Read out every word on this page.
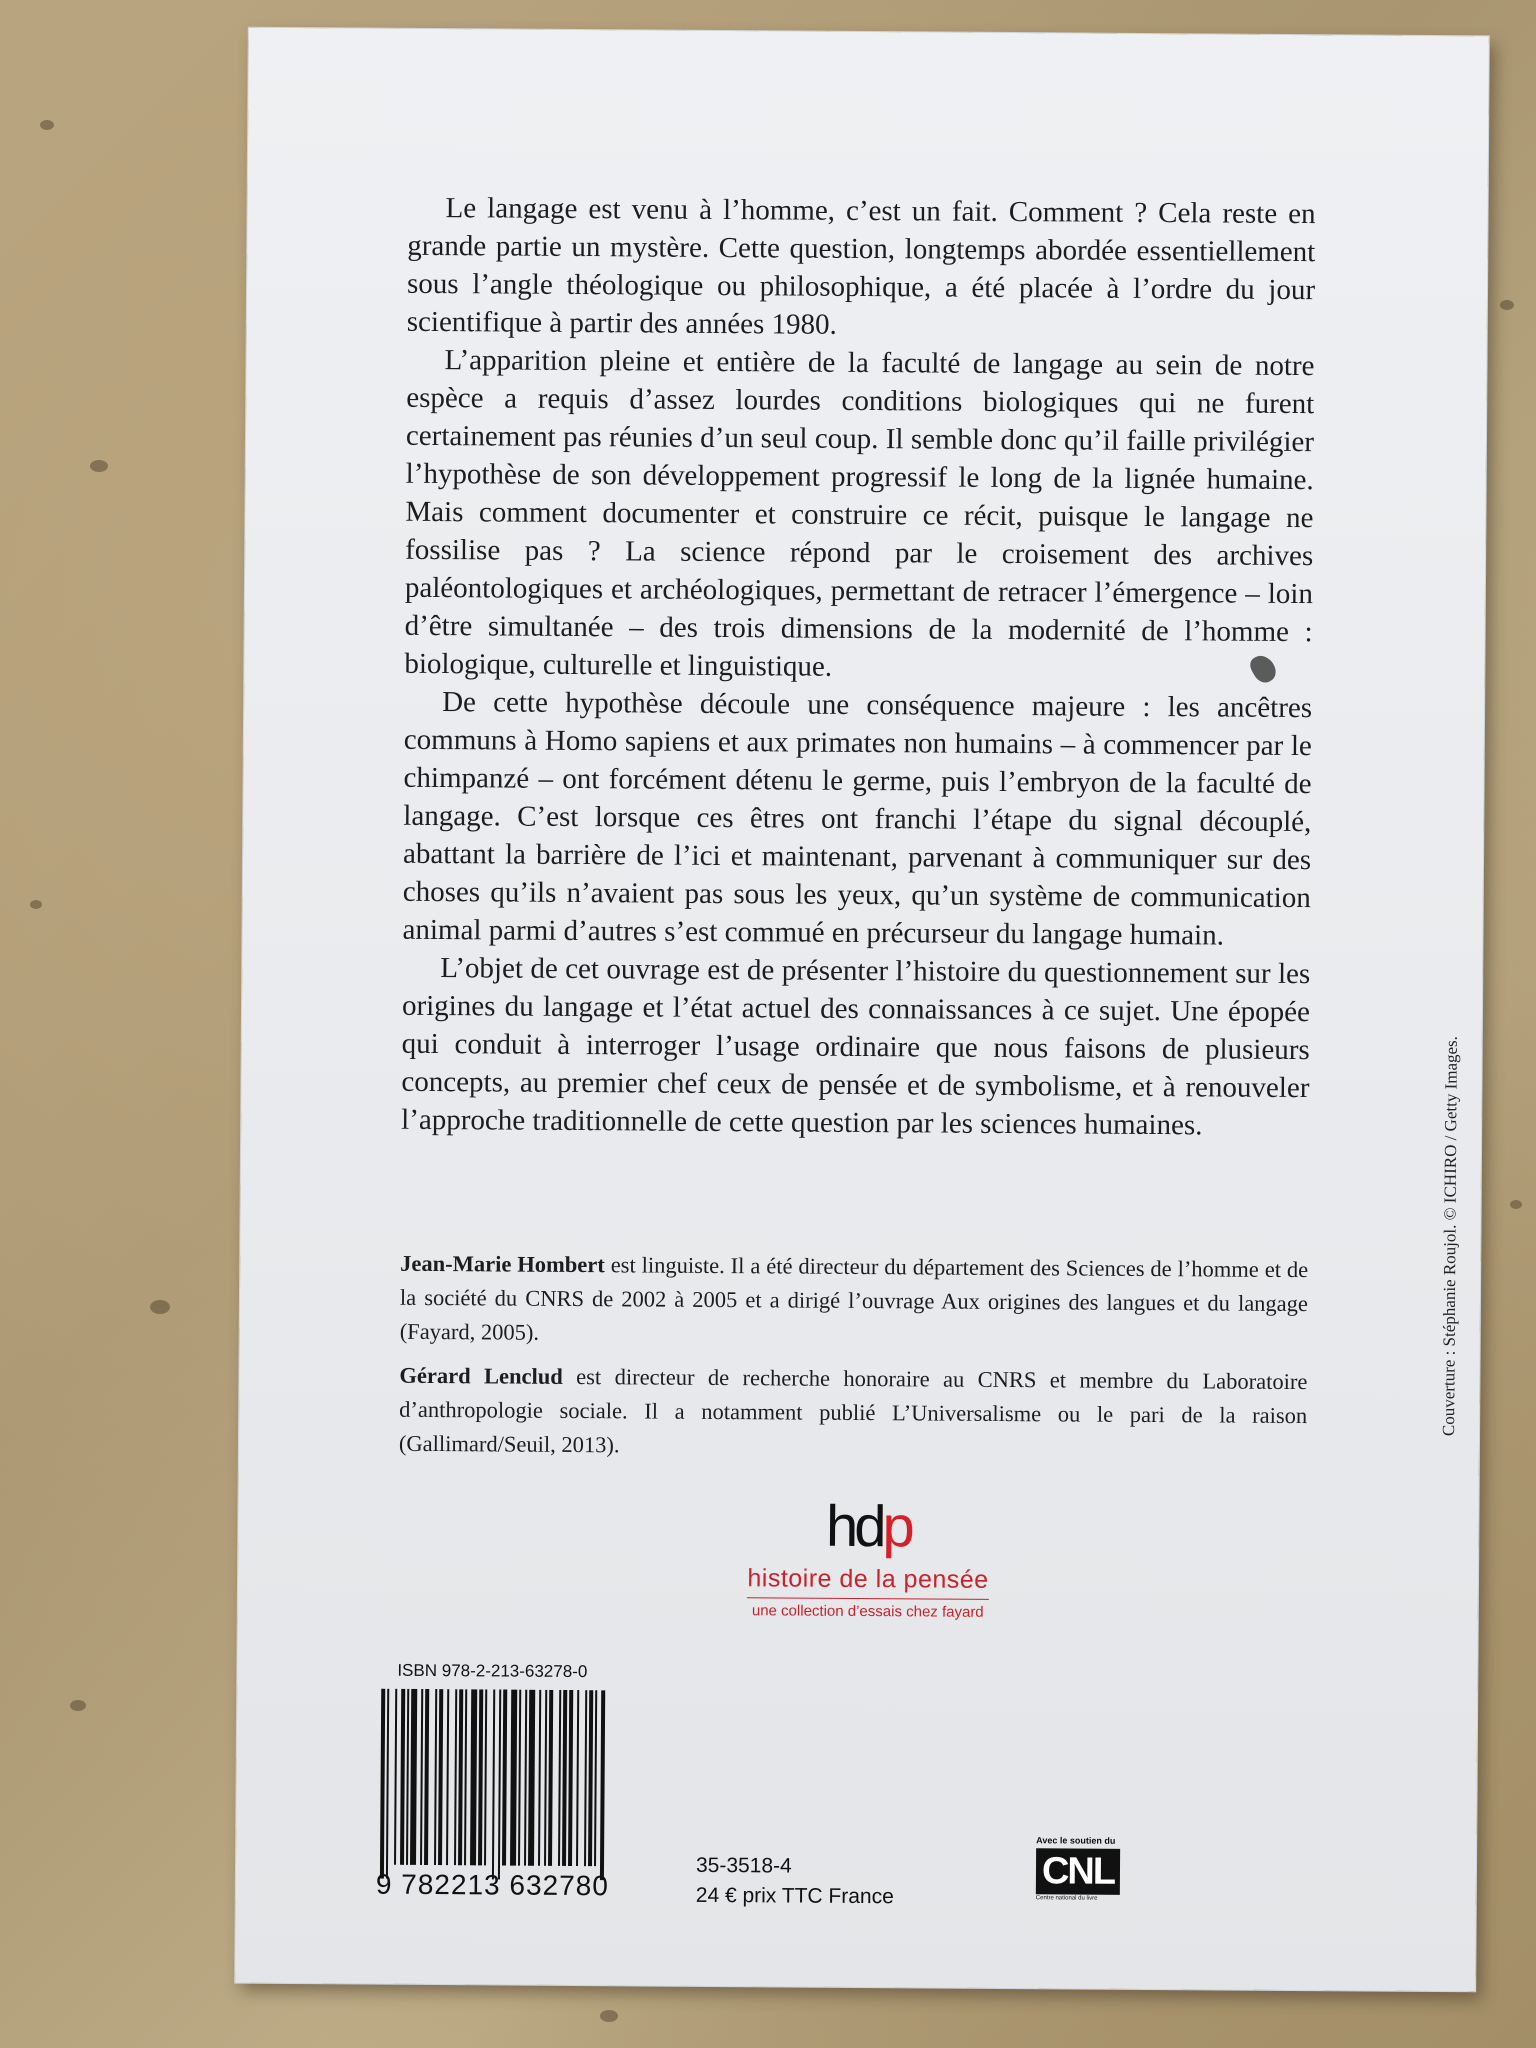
Le langage est venu à l’homme, c’est un fait. Comment ? Cela reste en grande partie un mystère. Cette question, longtemps abordée essentiellement sous l’angle théologique ou philosophique, a été placée à l’ordre du jour scientifique à partir des années 1980.

L’apparition pleine et entière de la faculté de langage au sein de notre espèce a requis d’assez lourdes conditions biologiques qui ne furent certainement pas réunies d’un seul coup. Il semble donc qu’il faille privilégier l’hypothèse de son développement progressif le long de la lignée humaine. Mais comment documenter et construire ce récit, puisque le langage ne fossilise pas ? La science répond par le croisement des archives paléontologiques et archéologiques, permettant de retracer l’émergence – loin d’être simultanée – des trois dimensions de la modernité de l’homme : biologique, culturelle et linguistique.

De cette hypothèse découle une conséquence majeure : les ancêtres communs à Homo sapiens et aux primates non humains – à commencer par le chimpanzé – ont forcément détenu le germe, puis l’embryon de la faculté de langage. C’est lorsque ces êtres ont franchi l’étape du signal découplé, abattant la barrière de l’ici et maintenant, parvenant à communiquer sur des choses qu’ils n’avaient pas sous les yeux, qu’un système de communication animal parmi d’autres s’est commué en précurseur du langage humain.

L’objet de cet ouvrage est de présenter l’histoire du questionnement sur les origines du langage et l’état actuel des connaissances à ce sujet. Une épopée qui conduit à interroger l’usage ordinaire que nous faisons de plusieurs concepts, au premier chef ceux de pensée et de symbolisme, et à renouveler l’approche traditionnelle de cette question par les sciences humaines.

Jean-Marie Hombert est linguiste. Il a été directeur du département des Sciences de l’homme et de la société du CNRS de 2002 à 2005 et a dirigé l’ouvrage Aux origines des langues et du langage (Fayard, 2005).

Gérard Lenclud est directeur de recherche honoraire au CNRS et membre du Laboratoire d’anthropologie sociale. Il a notamment publié L’Universalisme ou le pari de la raison (Gallimard/Seuil, 2013).

hdp
histoire de la pensée
une collection d’essais chez fayard
ISBN 978-2-213-63278-0
9 782213 632780
35-3518-4
24 € prix TTC France
Avec le soutien du
CNL
Centre national du livre
Couverture : Stéphanie Roujol. © ICHIRO / Getty Images.
